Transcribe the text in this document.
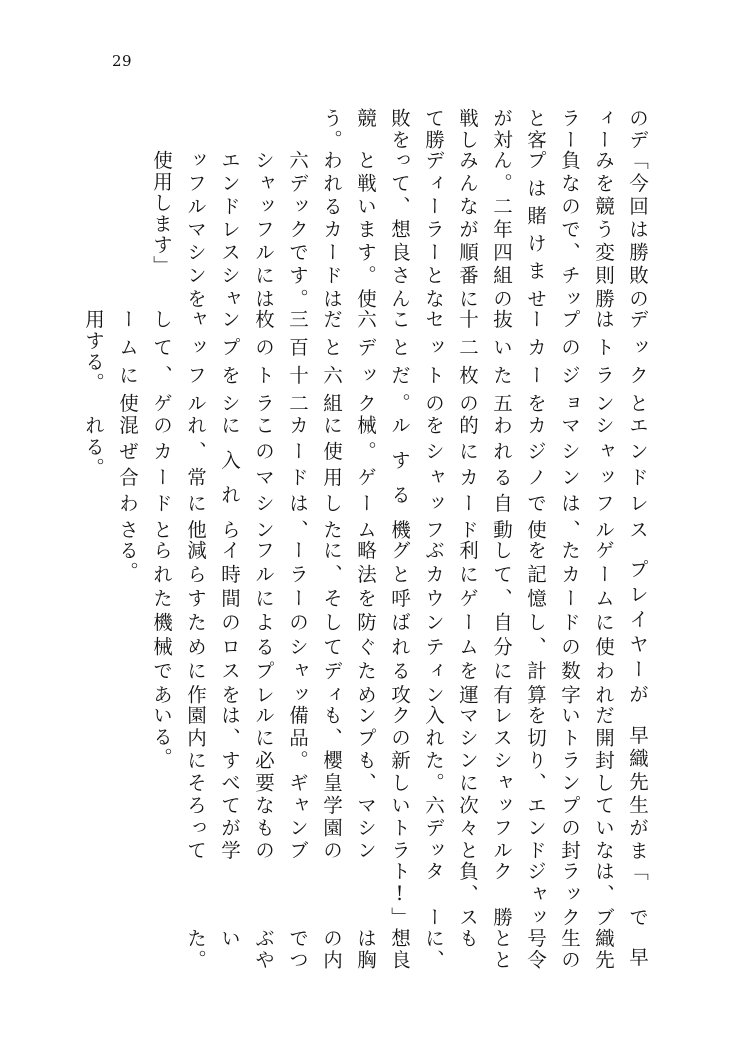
29

のディーラーと客が対戦して勝敗を競う。

「今回は勝敗のみを競う変則勝負なので、チップは賭けません。二年四組のみんなが順番にディーラーとなって、想良さんと戦います。使われるカードは六デックです。シャッフルにはエンドレスシャッフルマシンを使用します」

デックとはトランプのジョーカーを抜いた五十二枚のセットのことだ。六デックだと六組三百十二枚のトランプをシャッフルして、ゲームに使用する。

エンドレスシャッフルマシンは、カジノで使われる自動的にカードをシャッフルする機械。ゲームに使用したカードは、このマシンに入れられ、常に他のカードと混ぜ合わされる。

プレイヤーがゲームに使われたカードの数字を記憶し、計算して、自分に有利にゲームを運ぶカウンティングと呼ばれる攻略法を防ぐために、そしてディーラーのシャッフルによるプレイ時間のロスを減らすために作られた機械である。

早織先生がまだ開封していないトランプの封を切り、エンドレスシャッフルマシンに次々と入れた。六デックの新しいトランプも、マシンも、櫻皇学園の備品。ギャンブルに必要なものは、すべてが学園内にそろっている。

「では、ブラックジャック勝負、スタート!」

早織先生の号令とともに、想良は胸の内でつぶやいた。
